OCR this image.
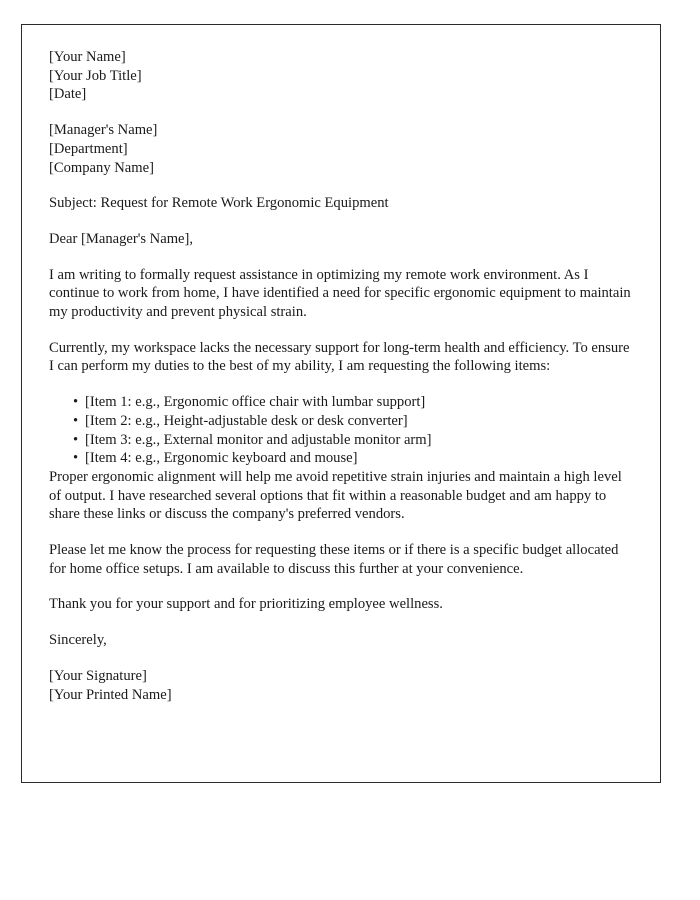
[Your Name]
[Your Job Title]
[Date]
[Manager's Name]
[Department]
[Company Name]

Subject: Request for Remote Work Ergonomic Equipment

Dear [Manager's Name],

I am writing to formally request assistance in optimizing my remote work environment. As I continue to work from home, I have identified a need for specific ergonomic equipment to maintain my productivity and prevent physical strain.

Currently, my workspace lacks the necessary support for long-term health and efficiency. To ensure I can perform my duties to the best of my ability, I am requesting the following items:

• [Item 1: e.g., Ergonomic office chair with lumbar support]
• [Item 2: e.g., Height-adjustable desk or desk converter]
• [Item 3: e.g., External monitor and adjustable monitor arm]
• [Item 4: e.g., Ergonomic keyboard and mouse]

Proper ergonomic alignment will help me avoid repetitive strain injuries and maintain a high level of output. I have researched several options that fit within a reasonable budget and am happy to share these links or discuss the company's preferred vendors.

Please let me know the process for requesting these items or if there is a specific budget allocated for home office setups. I am available to discuss this further at your convenience.

Thank you for your support and for prioritizing employee wellness.

Sincerely,

[Your Signature]
[Your Printed Name]
